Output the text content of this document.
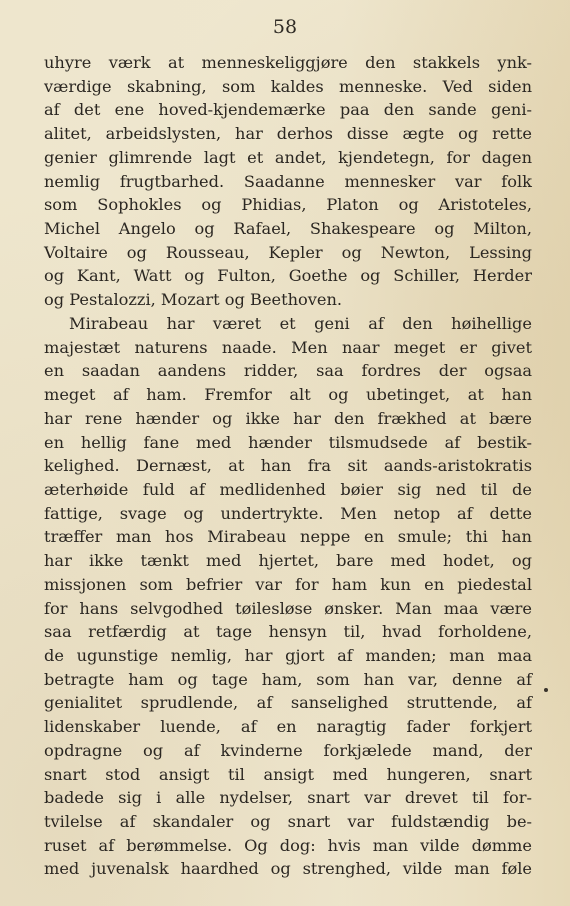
58
uhyre værk at menneskeliggjøre den stakkels ynk-
værdige skabning, som kaldes menneske. Ved siden
af det ene hoved-kjendemærke paa den sande geni-
alitet, arbeidslysten, har derhos disse ægte og rette
genier glimrende lagt et andet, kjendetegn, for dagen
nemlig frugtbarhed. Saadanne mennesker var folk
som Sophokles og Phidias, Platon og Aristoteles,
Michel Angelo og Rafael, Shakespeare og Milton,
Voltaire og Rousseau, Kepler og Newton, Lessing
og Kant, Watt og Fulton, Goethe og Schiller, Herder
og Pestalozzi, Mozart og Beethoven.
Mirabeau har været et geni af den høihellige
majestæt naturens naade. Men naar meget er givet
en saadan aandens ridder, saa fordres der ogsaa
meget af ham. Fremfor alt og ubetinget, at han
har rene hænder og ikke har den frækhed at bære
en hellig fane med hænder tilsmudsede af bestik-
kelighed. Dernæst, at han fra sit aands-aristokratis
æterhøide fuld af medlidenhed bøier sig ned til de
fattige, svage og undertrykte. Men netop af dette
træffer man hos Mirabeau neppe en smule; thi han
har ikke tænkt med hjertet, bare med hodet, og
missjonen som befrier var for ham kun en piedestal
for hans selvgodhed tøilesløse ønsker. Man maa være
saa retfærdig at tage hensyn til, hvad forholdene,
de ugunstige nemlig, har gjort af manden; man maa
betragte ham og tage ham, som han var, denne af
genialitet sprudlende, af sanselighed struttende, af
lidenskaber luende, af en naragtig fader forkjert
opdragne og af kvinderne forkjælede mand, der
snart stod ansigt til ansigt med hungeren, snart
badede sig i alle nydelser, snart var drevet til for-
tvilelse af skandaler og snart var fuldstændig be-
ruset af berømmelse. Og dog: hvis man vilde dømme
med juvenalsk haardhed og strenghed, vilde man føle
